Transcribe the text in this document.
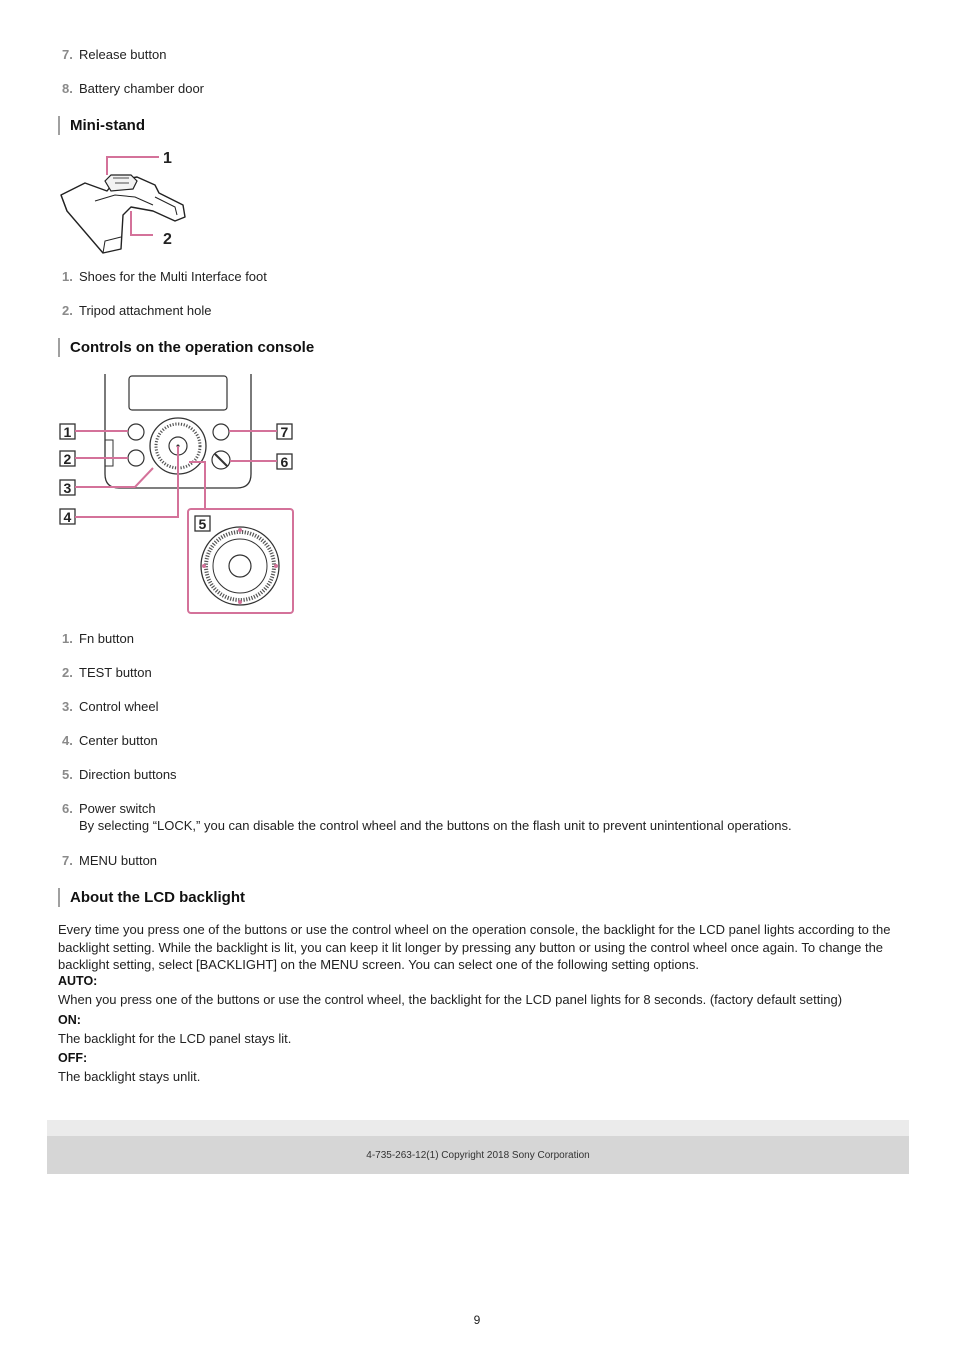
7. Release button
8. Battery chamber door
Mini-stand
1
2
1. Shoes for the Multi Interface foot
2. Tripod attachment hole
Controls on the operation console
1
2
3
4	5
6
7
1. Fn button
2. TEST button
3. Control wheel
4. Center button
5. Direction buttons
6. Power switch
By selecting “LOCK,” you can disable the control wheel and the buttons on the flash unit to prevent unintentional operations.
7. MENU button
About the LCD backlight
Every time you press one of the buttons or use the control wheel on the operation console, the backlight for the LCD panel lights according to the backlight setting. While the backlight is lit, you can keep it lit longer by pressing any button or using the control wheel once again. To change the backlight setting, select [BACKLIGHT] on the MENU screen. You can select one of the following setting options.
AUTO:
When you press one of the buttons or use the control wheel, the backlight for the LCD panel lights for 8 seconds. (factory default setting)
ON:
The backlight for the LCD panel stays lit.
OFF:
The backlight stays unlit.
4-735-263-12(1) Copyright 2018 Sony Corporation
9
